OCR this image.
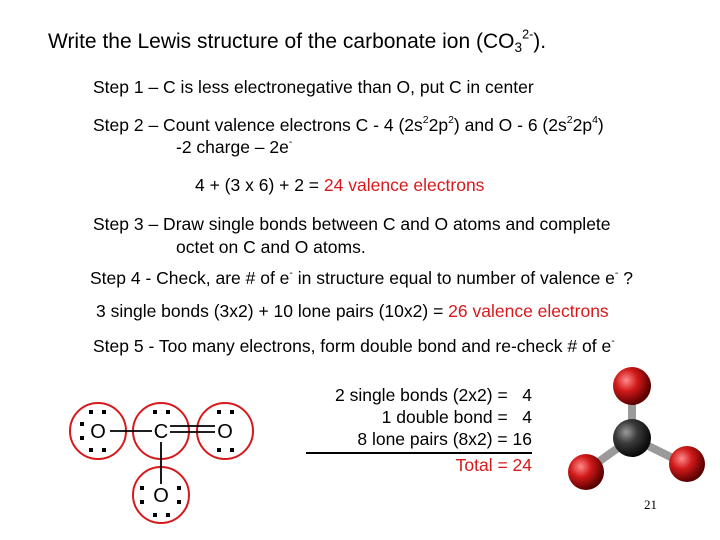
Write the Lewis structure of the carbonate ion $(CO_3^{2-})$.
Step 1 – C is less electronegative than O, put C in center
Step 2 – Count valence electrons C - 4 $(2s^22p^2)$ and O - 6 $(2s^22p^4)$
-2 charge – 2e-
4 + (3 x 6) + 2 = 24 valence electrons
Step 3 – Draw single bonds between C and O atoms and complete
octet on C and O atoms.
Step 4 - Check, are # of e- in structure equal to number of valence e- ?
3 single bonds (3x2) + 10 lone pairs (10x2) = 26 valence electrons
Step 5 - Too many electrons, form double bond and re-check # of e-
O C O
O
2 single bonds (2x2) = 4
1 double bond = 4
8 lone pairs (8x2) = 16
Total = 24
21
